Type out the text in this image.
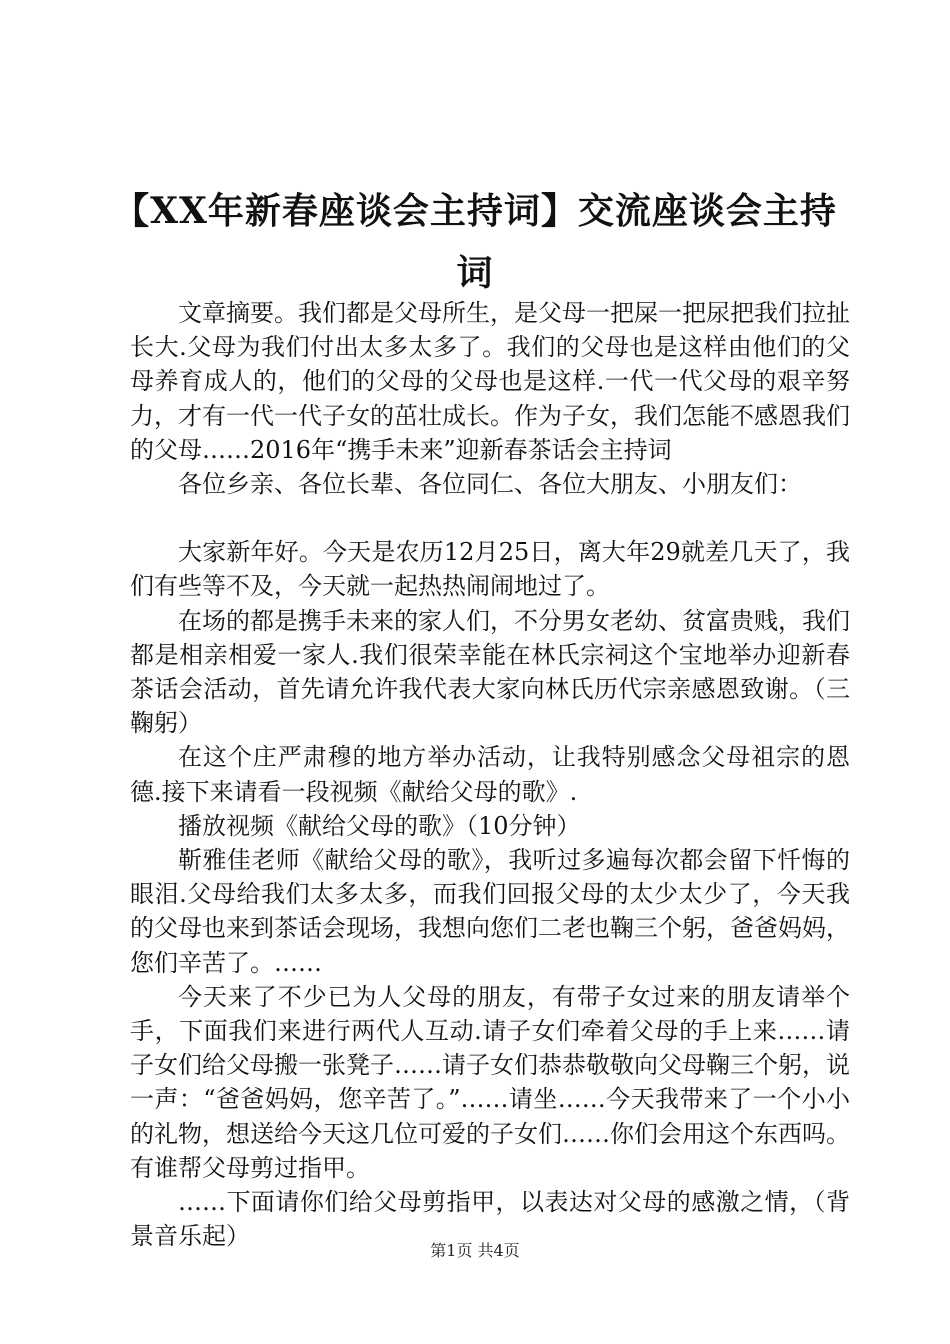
【XX年新春座谈会主持词】交流座谈会主持词

文章摘要。我们都是父母所生，是父母一把屎一把尿把我们拉扯长大.父母为我们付出太多太多了。我们的父母也是这样由他们的父母养育成人的，他们的父母的父母也是这样.一代一代父母的艰辛努力，才有一代一代子女的茁壮成长。作为子女，我们怎能不感恩我们的父母……2016年“携手未来”迎新春茶话会主持词

各位乡亲、各位长辈、各位同仁、各位大朋友、小朋友们：

大家新年好。今天是农历12月25日，离大年29就差几天了，我们有些等不及，今天就一起热热闹闹地过了。

在场的都是携手未来的家人们，不分男女老幼、贫富贵贱，我们都是相亲相爱一家人.我们很荣幸能在林氏宗祠这个宝地举办迎新春茶话会活动，首先请允许我代表大家向林氏历代宗亲感恩致谢。（三鞠躬）

在这个庄严肃穆的地方举办活动，让我特别感念父母祖宗的恩德.接下来请看一段视频《献给父母的歌》.

播放视频《献给父母的歌》（10分钟）

靳雅佳老师《献给父母的歌》，我听过多遍每次都会留下忏悔的眼泪.父母给我们太多太多，而我们回报父母的太少太少了，今天我的父母也来到茶话会现场，我想向您们二老也鞠三个躬，爸爸妈妈，您们辛苦了。……

今天来了不少已为人父母的朋友，有带子女过来的朋友请举个手，下面我们来进行两代人互动.请子女们牵着父母的手上来……请子女们给父母搬一张凳子……请子女们恭恭敬敬向父母鞠三个躬，说一声：“爸爸妈妈，您辛苦了。”……请坐……今天我带来了一个小小的礼物，想送给今天这几位可爱的子女们……你们会用这个东西吗。有谁帮父母剪过指甲。

……下面请你们给父母剪指甲，以表达对父母的感激之情，（背景音乐起）

第1页 共4页
